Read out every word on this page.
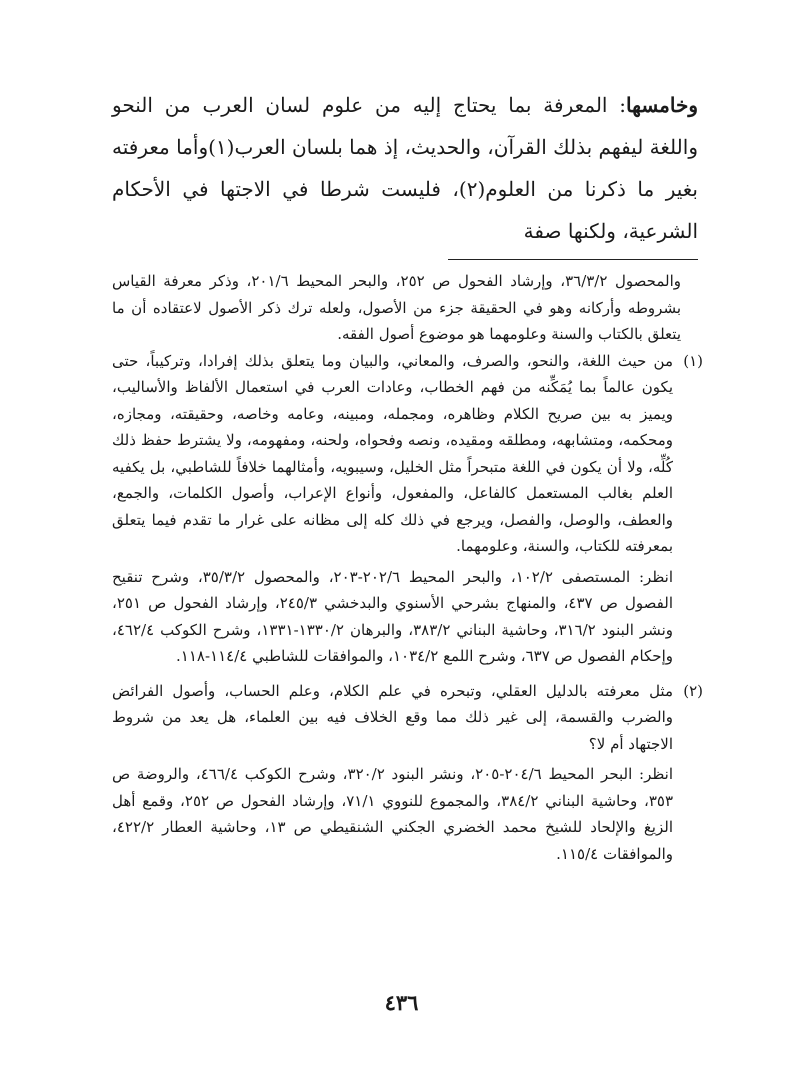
وخامسها: المعرفة بما يحتاج إليه من علوم لسان العرب من النحو واللغة ليفهم بذلك القرآن، والحديث، إذ هما بلسان العرب(١)وأما معرفته بغير ما ذكرنا من العلوم(٢)، فليست شرطا في الاجتها في الأحكام الشرعية، ولكنها صفة

والمحصول ٣٦/٣/٢، وإرشاد الفحول ص ٢٥٢، والبحر المحيط ٢٠١/٦، وذكر معرفة القياس بشروطه وأركانه وهو في الحقيقة جزء من الأصول، ولعله ترك ذكر الأصول لاعتقاده أن ما يتعلق بالكتاب والسنة وعلومهما هو موضوع أصول الفقه.

(١)

من حيث اللغة، والنحو، والصرف، والمعاني، والبيان وما يتعلق بذلك إفرادا، وتركيباً، حتى يكون عالماً بما يُمَكِّنه من فهم الخطاب، وعادات العرب في استعمال الألفاظ والأساليب، ويميز به بين صريح الكلام وظاهره، ومجمله، ومبينه، وعامه وخاصه، وحقيقته، ومجازه، ومحكمه، ومتشابهه، ومطلقه ومقيده، ونصه وفحواه، ولحنه، ومفهومه، ولا يشترط حفظ ذلك كُلِّه، ولا أن يكون في اللغة متبحراً مثل الخليل، وسيبويه، وأمثالهما خلافاً للشاطبي، بل يكفيه العلم بغالب المستعمل كالفاعل، والمفعول، وأنواع الإعراب، وأصول الكلمات، والجمع، والعطف، والوصل، والفصل، ويرجع في ذلك كله إلى مظانه على غرار ما تقدم فيما يتعلق بمعرفته للكتاب، والسنة، وعلومهما.

انظر: المستصفى ١٠٢/٢، والبحر المحيط ٢٠٢/٦-٢٠٣، والمحصول ٣٥/٣/٢، وشرح تنقيح الفصول ص ٤٣٧، والمنهاج بشرحي الأسنوي والبدخشي ٢٤٥/٣، وإرشاد الفحول ص ٢٥١، ونشر البنود ٣١٦/٢، وحاشية البناني ٣٨٣/٢، والبرهان ١٣٣٠/٢-١٣٣١، وشرح الكوكب ٤٦٢/٤، وإحكام الفصول ص ٦٣٧، وشرح اللمع ١٠٣٤/٢، والموافقات للشاطبي ١١٤/٤-١١٨.

(٢)

مثل معرفته بالدليل العقلي، وتبحره في علم الكلام، وعلم الحساب، وأصول الفرائض والضرب والقسمة، إلى غير ذلك مما وقع الخلاف فيه بين العلماء، هل يعد من شروط الاجتهاد أم لا؟

انظر: البحر المحيط ٢٠٤/٦-٢٠٥، ونشر البنود ٣٢٠/٢، وشرح الكوكب ٤٦٦/٤، والروضة ص ٣٥٣، وحاشية البناني ٣٨٤/٢، والمجموع للنووي ٧١/١، وإرشاد الفحول ص ٢٥٢، وقمع أهل الزيغ والإلحاد للشيخ محمد الخضري الجكني الشنقيطي ص ١٣، وحاشية العطار ٤٢٢/٢، والموافقات ١١٥/٤.

٤٣٦
